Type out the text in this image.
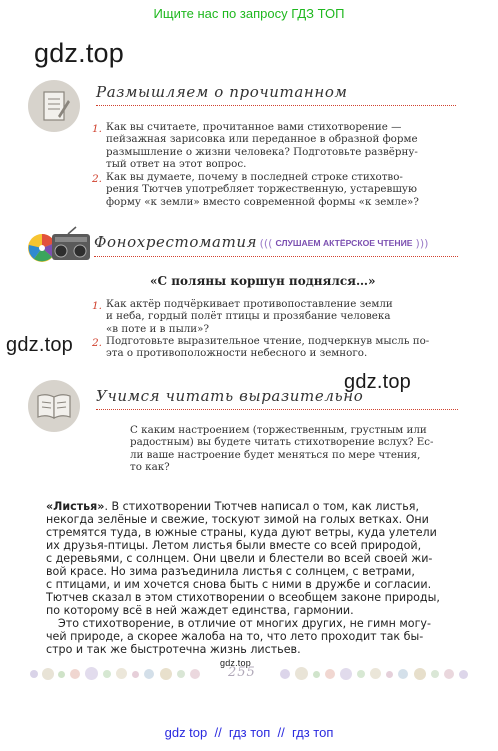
Ищите нас по запросу ГДЗ ТОП
gdz.top
Размышляем о прочитанном
1. Как вы считаете, прочитанное вами стихотворение —
пейзажная зарисовка или переданное в образной форме
размышление о жизни человека? Подготовьте развёрну-
тый ответ на этот вопрос.
2. Как вы думаете, почему в последней строке стихотво-
рения Тютчев употребляет торжественную, устаревшую
форму «к земли» вместо современной формы «к земле»?
Фонохрестоматия ((( СЛУШАЕМ АКТЁРСКОЕ ЧТЕНИЕ )))
«С поляны коршун поднялся…»
1. Как актёр подчёркивает противопоставление земли
и неба, гордый полёт птицы и прозябание человека
«в поте и в пыли»?
2. Подготовьте выразительное чтение, подчеркнув мысль по-
эта о противоположности небесного и земного.
gdz.top
gdz.top
Учимся читать выразительно
С каким настроением (торжественным, грустным или
радостным) вы будете читать стихотворение вслух? Ес-
ли ваше настроение будет меняться по мере чтения,
то как?
«Листья». В стихотворении Тютчев написал о том, как листья,
некогда зелёные и свежие, тоскуют зимой на голых ветках. Они
стремятся туда, в южные страны, куда дуют ветры, куда улетели
их друзья-птицы. Летом листья были вместе со всей природой,
с деревьями, с солнцем. Они цвели и блестели во всей своей жи-
вой красе. Но зима разъединила листья с солнцем, с ветрами,
с птицами, и им хочется снова быть с ними в дружбе и согласии.
Тютчев сказал в этом стихотворении о всеобщем законе природы,
по которому всё в ней жаждет единства, гармонии.
Это стихотворение, в отличие от многих других, не гимн могу-
чей природе, а скорее жалоба на то, что лето проходит так бы-
стро и так же быстротечна жизнь листьев.
gdz.top
255
gdz top  //  гдз топ  //  гдз топ
